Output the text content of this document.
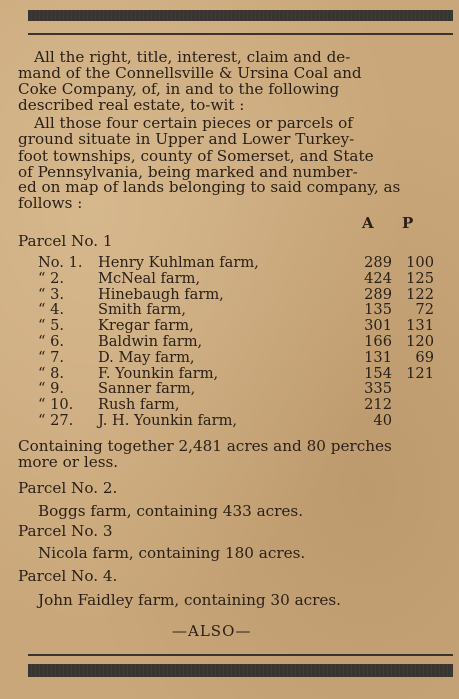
All the right, title, interest, claim and de-
mand of the Connellsville & Ursina Coal and
Coke Company, of, in and to the following
described real estate, to-wit :
All those four certain pieces or parcels of
ground situate in Upper and Lower Turkey-
foot townships, county of Somerset, and State
of Pennsylvania, being marked and number-
ed on map of lands belonging to said company, as follows :
A P
Parcel No. 1
No. 1.	Henry Kuhlman farm,	289 100
“ 2.	McNeal farm,	424 125
“ 3.	Hinebaugh farm,	289 122
“ 4.	Smith farm,	135	72
“ 5.	Kregar farm,	301 131
“ 6.	Baldwin farm,	166 120
“ 7.	D. May farm,	131	69
“ 8.	F. Younkin farm,	154 121
“ 9.	Sanner farm,	335
“ 10.	Rush farm,	212
“ 27.	J. H. Younkin farm,	40
Containing together 2,481 acres and 80 perches
more or less.
Parcel No. 2.
Boggs farm, containing 433 acres.
Parcel No. 3
Nicola farm, containing 180 acres.
Parcel No. 4.
John Faidley farm, containing 30 acres.
—ALSO—
